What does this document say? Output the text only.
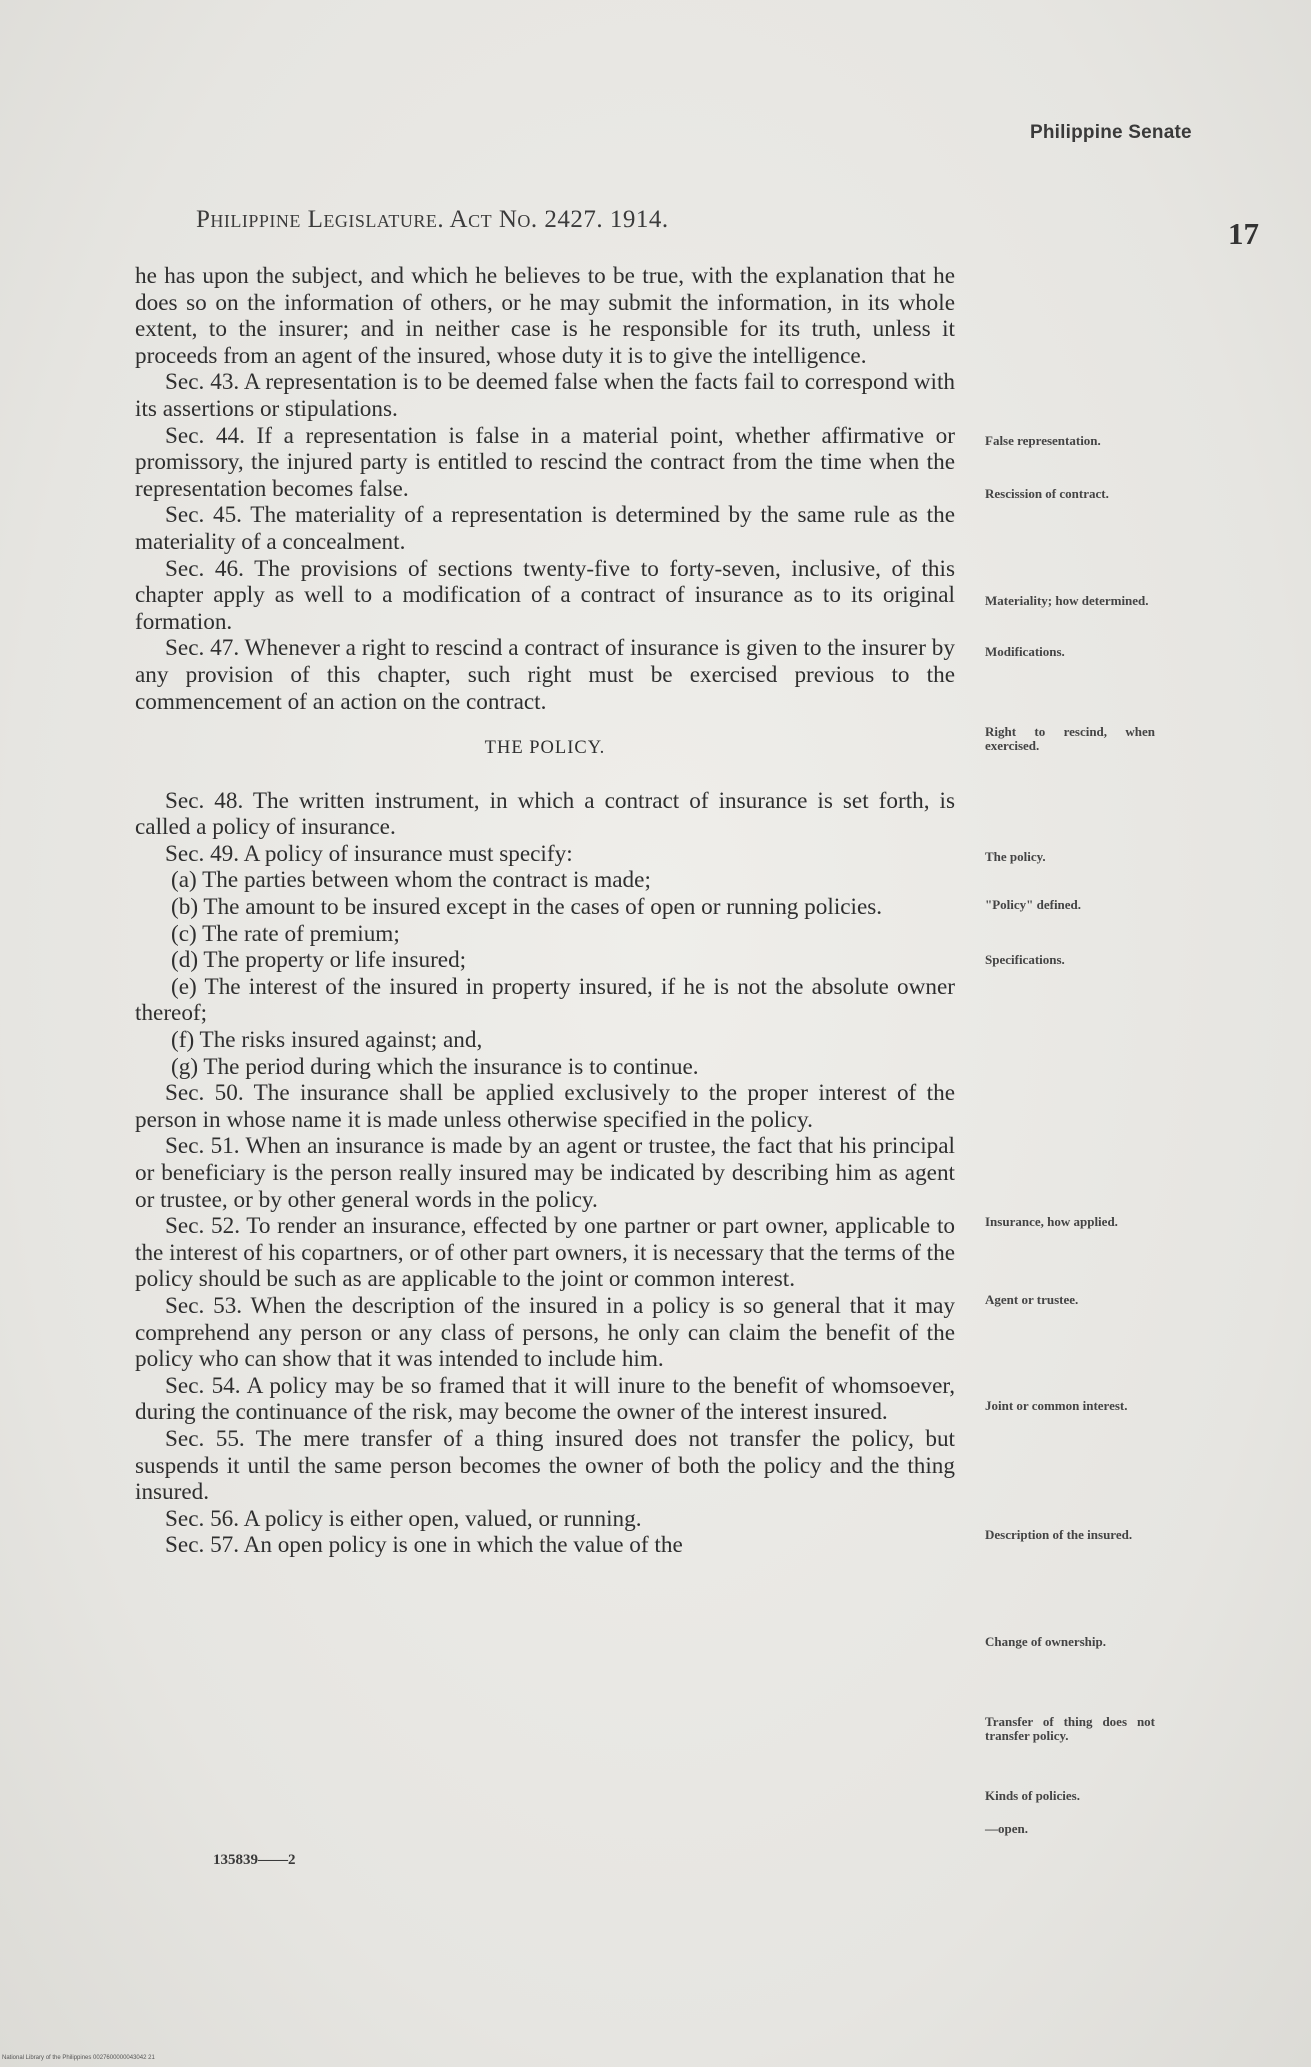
Philippine Senate
Philippine Legislature. Act No. 2427. 1914.	17

he has upon the subject, and which he believes to be true, with the explanation that he does so on the information of others, or he may submit the information, in its whole extent, to the insurer; and in neither case is he responsible for its truth, unless it proceeds from an agent of the insured, whose duty it is to give the intelligence.

Sec. 43. A representation is to be deemed false when the facts fail to correspond with its assertions or stipulations.

Sec. 44. If a representation is false in a material point, whether affirmative or promissory, the injured party is entitled to rescind the contract from the time when the representation becomes false.

Sec. 45. The materiality of a representation is determined by the same rule as the materiality of a concealment.

Sec. 46. The provisions of sections twenty-five to forty-seven, inclusive, of this chapter apply as well to a modification of a contract of insurance as to its original formation.

Sec. 47. Whenever a right to rescind a contract of insurance is given to the insurer by any provision of this chapter, such right must be exercised previous to the commencement of an action on the contract.

THE POLICY.

Sec. 48. The written instrument, in which a contract of insurance is set forth, is called a policy of insurance.

Sec. 49. A policy of insurance must specify:

(a) The parties between whom the contract is made;

(b) The amount to be insured except in the cases of open or running policies.

(c) The rate of premium;

(d) The property or life insured;

(e) The interest of the insured in property insured, if he is not the absolute owner thereof;

(f) The risks insured against; and,

(g) The period during which the insurance is to continue.

Sec. 50. The insurance shall be applied exclusively to the proper interest of the person in whose name it is made unless otherwise specified in the policy.

Sec. 51. When an insurance is made by an agent or trustee, the fact that his principal or beneficiary is the person really insured may be indicated by describing him as agent or trustee, or by other general words in the policy.

Sec. 52. To render an insurance, effected by one partner or part owner, applicable to the interest of his copartners, or of other part owners, it is necessary that the terms of the policy should be such as are applicable to the joint or common interest.

Sec. 53. When the description of the insured in a policy is so general that it may comprehend any person or any class of persons, he only can claim the benefit of the policy who can show that it was intended to include him.

Sec. 54. A policy may be so framed that it will inure to the benefit of whomsoever, during the continuance of the risk, may become the owner of the interest insured.

Sec. 55. The mere transfer of a thing insured does not transfer the policy, but suspends it until the same person becomes the owner of both the policy and the thing insured.

Sec. 56. A policy is either open, valued, or running.

Sec. 57. An open policy is one in which the value of the

False representation.
Rescission of contract.
Materiality; how determined.
Modifications.
Right to rescind, when exercised.
The policy.
"Policy" defined.
Specifications.
Insurance, how applied.
Agent or trustee.
Joint or common interest.
Description of the insured.
Change of ownership.
Transfer of thing does not transfer policy.
Kinds of policies.
—open.
135839——2
National Library of the Philippines 0027600000043042 21
